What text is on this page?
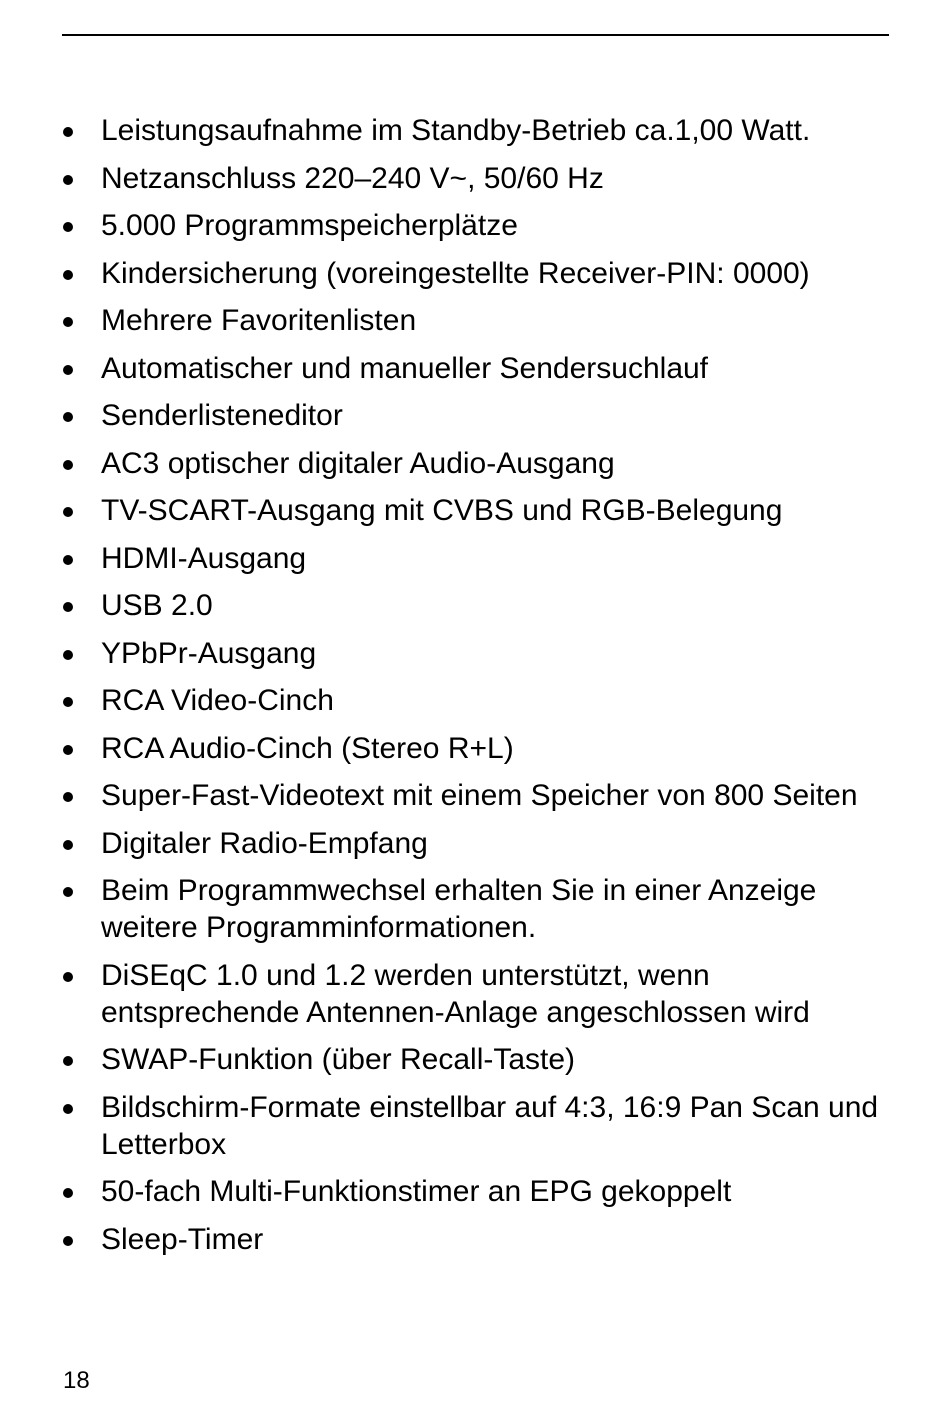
Leistungsaufnahme im Standby-Betrieb ca.1,00 Watt.
Netzanschluss 220–240 V~, 50/60 Hz
5.000 Programmspeicherplätze
Kindersicherung (voreingestellte Receiver-PIN: 0000)
Mehrere Favoritenlisten
Automatischer und manueller Sendersuchlauf
Senderlisteneditor
AC3 optischer digitaler Audio-Ausgang
TV-SCART-Ausgang mit CVBS und RGB-Belegung
HDMI-Ausgang
USB 2.0
YPbPr-Ausgang
RCA Video-Cinch
RCA Audio-Cinch (Stereo R+L)
Super-Fast-Videotext mit einem Speicher von 800 Seiten
Digitaler Radio-Empfang
Beim Programmwechsel erhalten Sie in einer Anzeige weitere Programminformationen.
DiSEqC 1.0 und 1.2 werden unterstützt, wenn entsprechende Antennen-Anlage angeschlossen wird
SWAP-Funktion (über Recall-Taste)
Bildschirm-Formate einstellbar auf 4:3, 16:9 Pan Scan und Letterbox
50-fach Multi-Funktionstimer an EPG gekoppelt
Sleep-Timer
18
